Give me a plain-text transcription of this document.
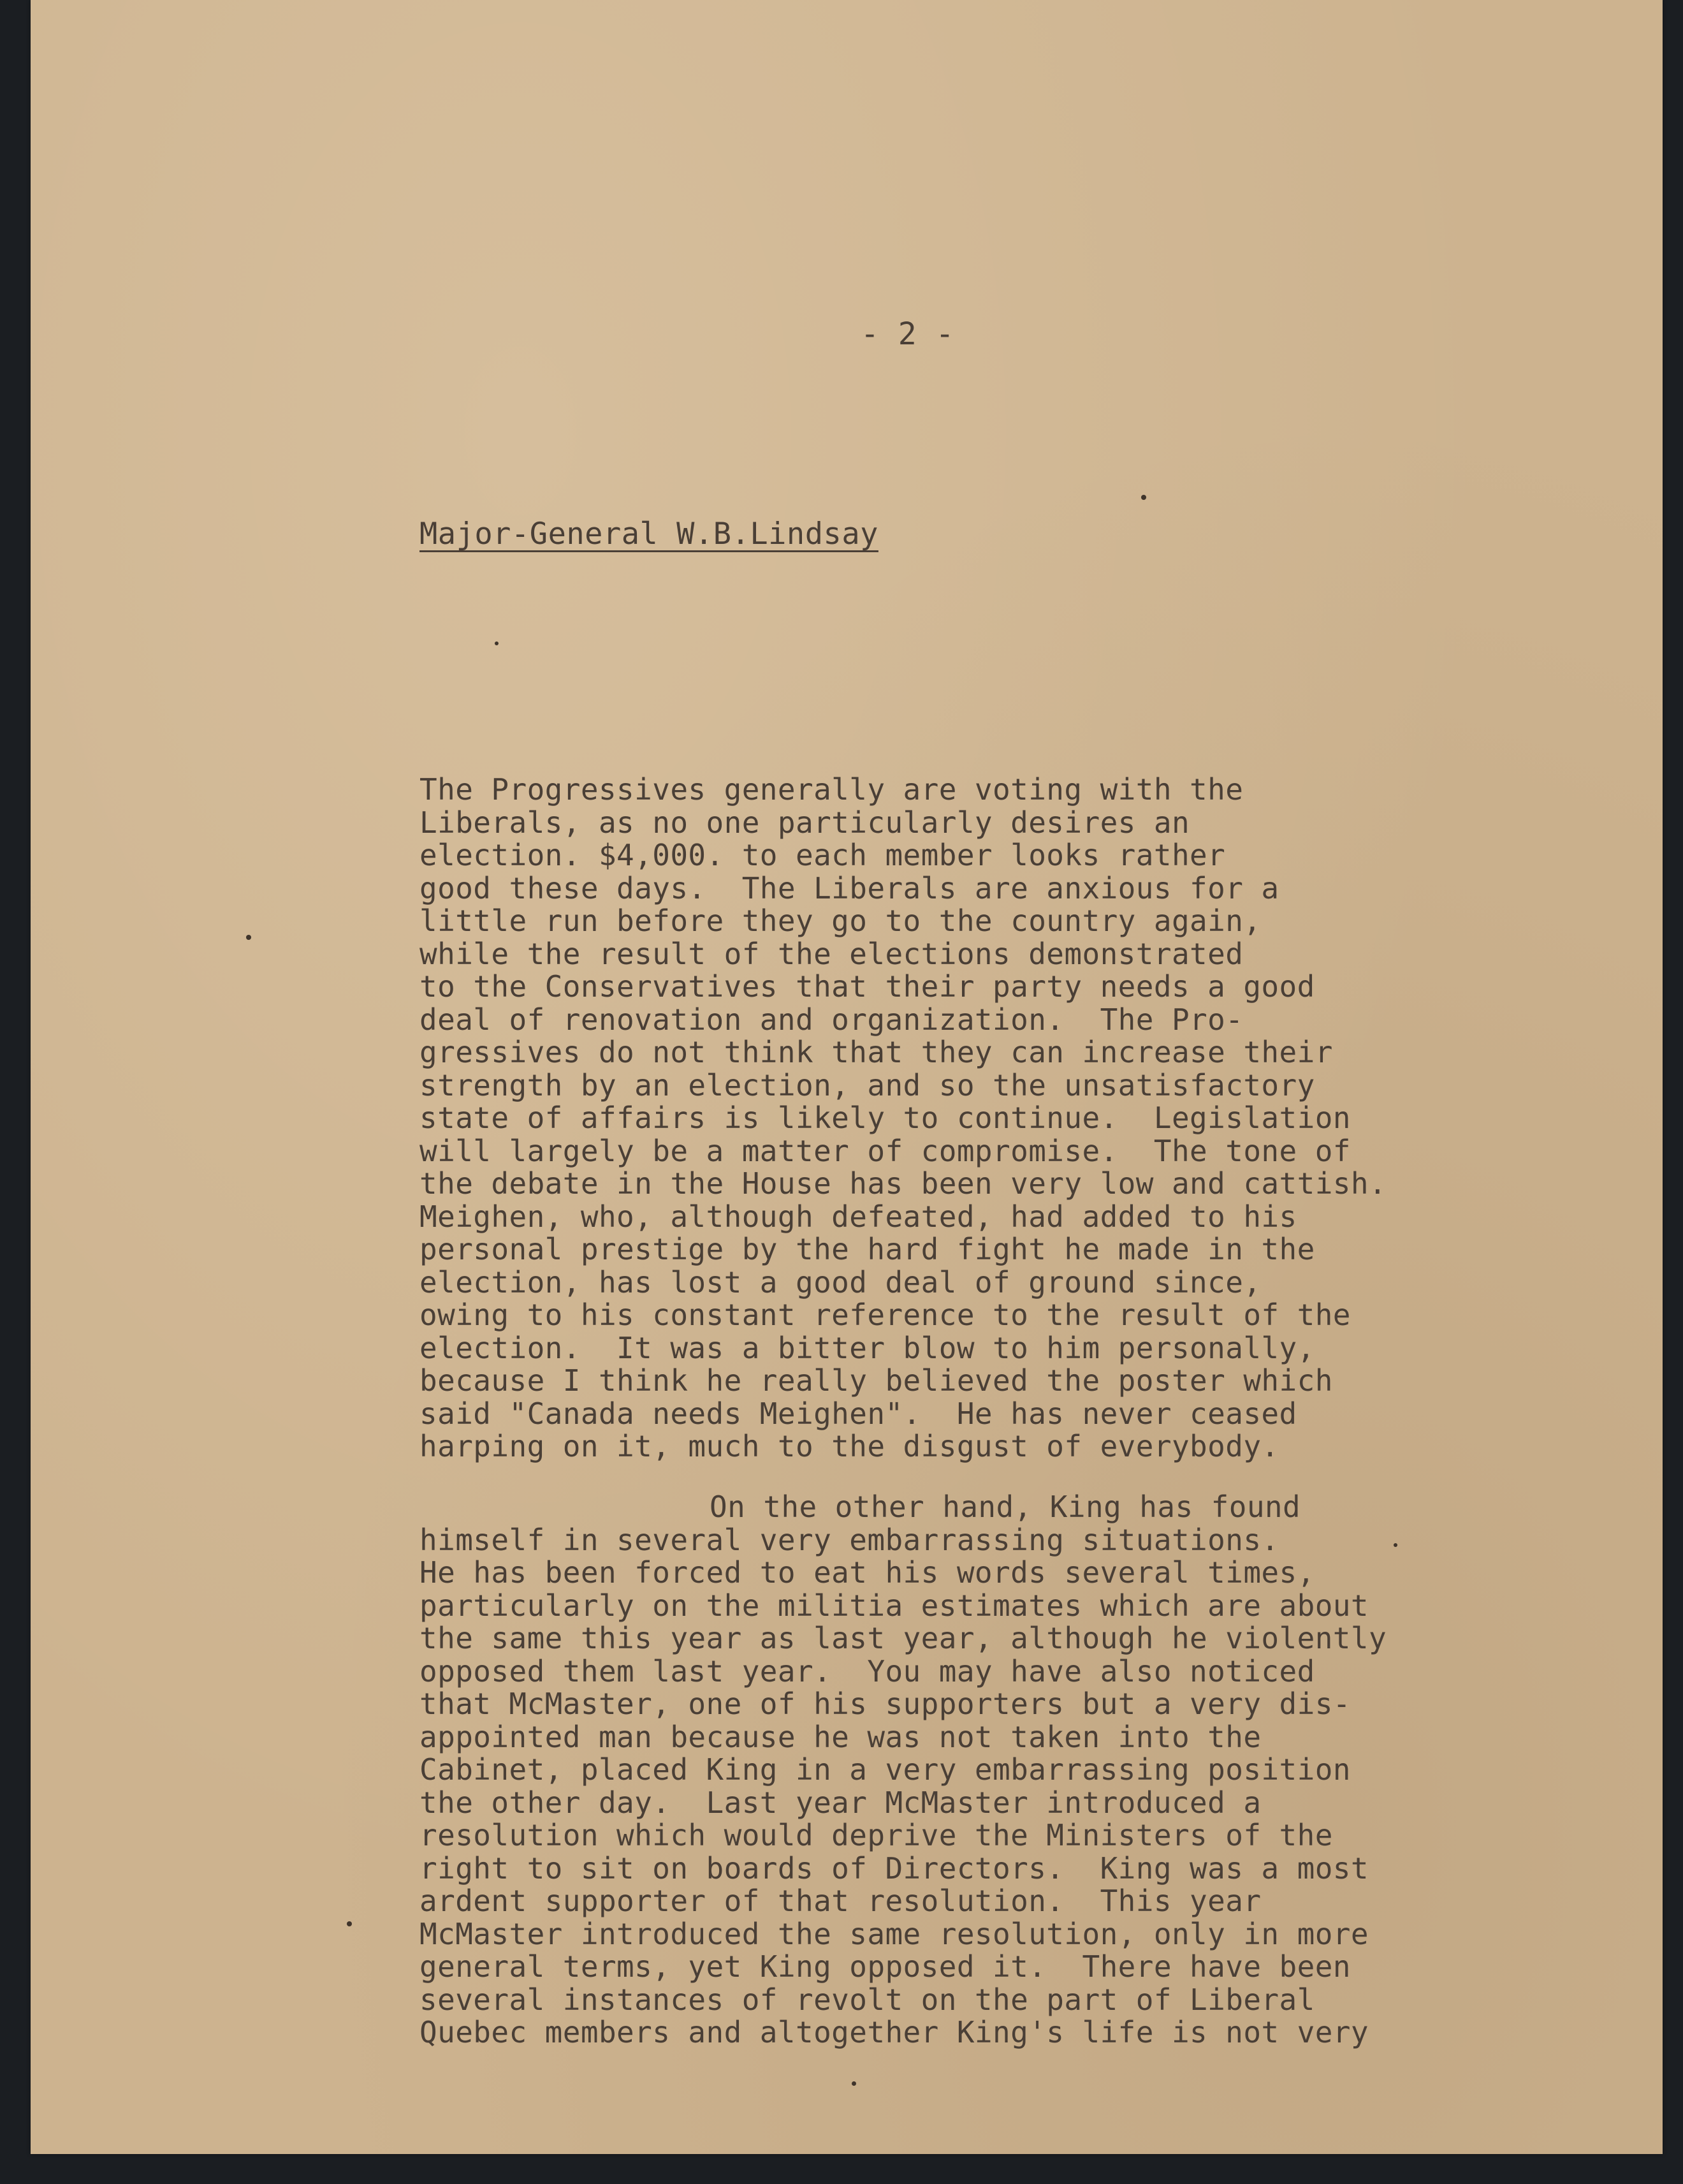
- 2 -
Major-General W.B.Lindsay
The Progressives generally are voting with the
Liberals, as no one particularly desires an
election. $4,000. to each member looks rather
good these days.  The Liberals are anxious for a
little run before they go to the country again,
while the result of the elections demonstrated
to the Conservatives that their party needs a good
deal of renovation and organization.  The Pro-
gressives do not think that they can increase their
strength by an election, and so the unsatisfactory
state of affairs is likely to continue.  Legislation
will largely be a matter of compromise.  The tone of
the debate in the House has been very low and cattish.
Meighen, who, although defeated, had added to his
personal prestige by the hard fight he made in the
election, has lost a good deal of ground since,
owing to his constant reference to the result of the
election.  It was a bitter blow to him personally,
because I think he really believed the poster which
said "Canada needs Meighen".  He has never ceased
harping on it, much to the disgust of everybody.
On the other hand, King has found
himself in several very embarrassing situations.
He has been forced to eat his words several times,
particularly on the militia estimates which are about
the same this year as last year, although he violently
opposed them last year.  You may have also noticed
that McMaster, one of his supporters but a very dis-
appointed man because he was not taken into the
Cabinet, placed King in a very embarrassing position
the other day.  Last year McMaster introduced a
resolution which would deprive the Ministers of the
right to sit on boards of Directors.  King was a most
ardent supporter of that resolution.  This year
McMaster introduced the same resolution, only in more
general terms, yet King opposed it.  There have been
several instances of revolt on the part of Liberal
Quebec members and altogether King's life is not very
